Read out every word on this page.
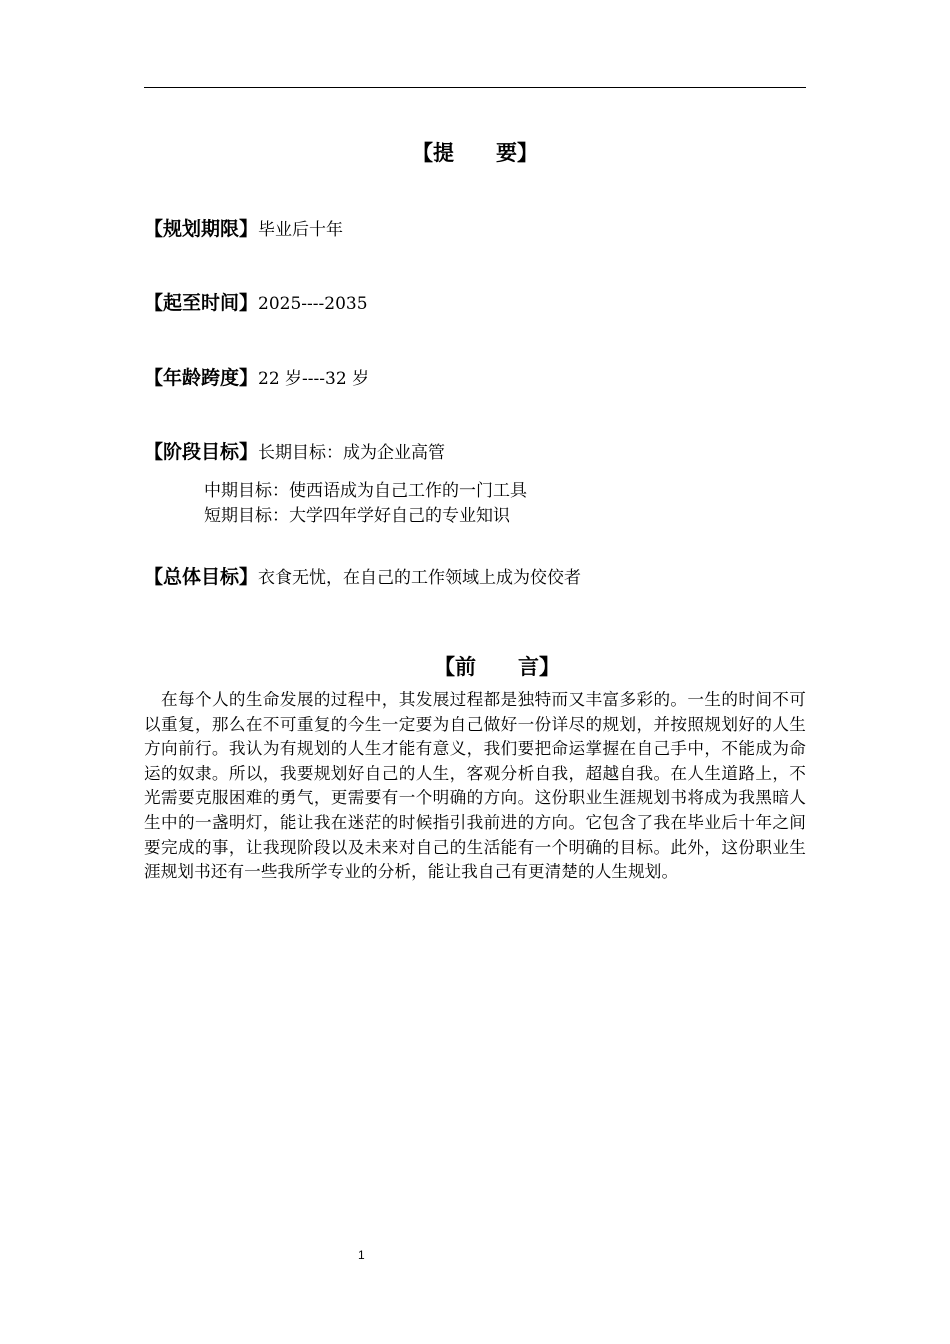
【提　　要】
【规划期限】毕业后十年
【起至时间】2025----2035
【年龄跨度】22 岁----32 岁
【阶段目标】长期目标：成为企业高管
中期目标：使西语成为自己工作的一门工具
短期目标：大学四年学好自己的专业知识
【总体目标】衣食无忧，在自己的工作领域上成为佼佼者
【前　　言】
在每个人的生命发展的过程中，其发展过程都是独特而又丰富多彩的。一生的时间不可以重复，那么在不可重复的今生一定要为自己做好一份详尽的规划，并按照规划好的人生方向前行。我认为有规划的人生才能有意义，我们要把命运掌握在自己手中，不能成为命运的奴隶。所以，我要规划好自己的人生，客观分析自我，超越自我。在人生道路上，不光需要克服困难的勇气，更需要有一个明确的方向。这份职业生涯规划书将成为我黑暗人生中的一盏明灯，能让我在迷茫的时候指引我前进的方向。它包含了我在毕业后十年之间要完成的事，让我现阶段以及未来对自己的生活能有一个明确的目标。此外，这份职业生涯规划书还有一些我所学专业的分析，能让我自己有更清楚的人生规划。
1
